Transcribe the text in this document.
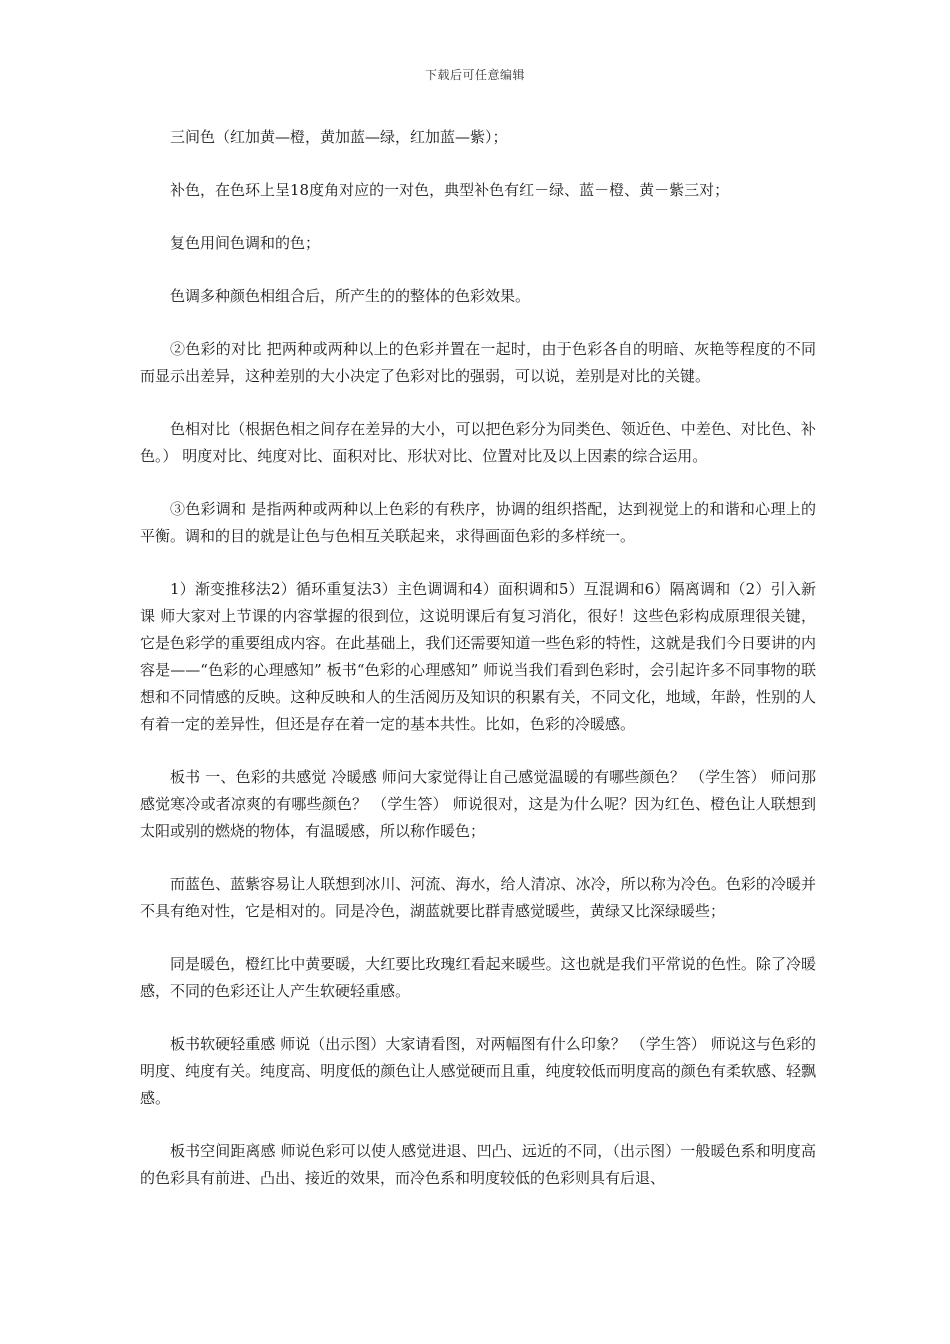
下载后可任意编辑

三间色（红加黄—橙，黄加蓝—绿，红加蓝—紫）；

补色，在色环上呈18度角对应的一对色，典型补色有红－绿、蓝－橙、黄－紫三对；

复色用间色调和的色；

色调多种颜色相组合后，所产生的的整体的色彩效果。

②色彩的对比 把两种或两种以上的色彩并置在一起时，由于色彩各自的明暗、灰艳等程度的不同而显示出差异，这种差别的大小决定了色彩对比的强弱，可以说，差别是对比的关键。

色相对比（根据色相之间存在差异的大小，可以把色彩分为同类色、领近色、中差色、对比色、补色。） 明度对比、纯度对比、面积对比、形状对比、位置对比及以上因素的综合运用。

③色彩调和 是指两种或两种以上色彩的有秩序，协调的组织搭配，达到视觉上的和谐和心理上的平衡。调和的目的就是让色与色相互关联起来，求得画面色彩的多样统一。

1）渐变推移法2）循环重复法3）主色调调和4）面积调和5）互混调和6）隔离调和（2）引入新课 师大家对上节课的内容掌握的很到位，这说明课后有复习消化，很好！这些色彩构成原理很关键，它是色彩学的重要组成内容。在此基础上，我们还需要知道一些色彩的特性，这就是我们今日要讲的内容是——“色彩的心理感知” 板书“色彩的心理感知” 师说当我们看到色彩时，会引起许多不同事物的联想和不同情感的反映。这种反映和人的生活阅历及知识的积累有关，不同文化，地域，年龄，性别的人有着一定的差异性，但还是存在着一定的基本共性。比如，色彩的冷暖感。

板书 一、色彩的共感觉 冷暖感 师问大家觉得让自己感觉温暖的有哪些颜色？ （学生答） 师问那感觉寒冷或者凉爽的有哪些颜色？ （学生答） 师说很对，这是为什么呢？因为红色、橙色让人联想到太阳或别的燃烧的物体，有温暖感，所以称作暖色；

而蓝色、蓝紫容易让人联想到冰川、河流、海水，给人清凉、冰冷，所以称为冷色。色彩的冷暖并不具有绝对性，它是相对的。同是冷色，湖蓝就要比群青感觉暖些，黄绿又比深绿暖些；

同是暖色，橙红比中黄要暖，大红要比玫瑰红看起来暖些。这也就是我们平常说的色性。除了冷暖感，不同的色彩还让人产生软硬轻重感。

板书软硬轻重感 师说（出示图）大家请看图，对两幅图有什么印象？ （学生答） 师说这与色彩的明度、纯度有关。纯度高、明度低的颜色让人感觉硬而且重，纯度较低而明度高的颜色有柔软感、轻飘感。

板书空间距离感 师说色彩可以使人感觉进退、凹凸、远近的不同，（出示图）一般暖色系和明度高的色彩具有前进、凸出、接近的效果，而冷色系和明度较低的色彩则具有后退、
